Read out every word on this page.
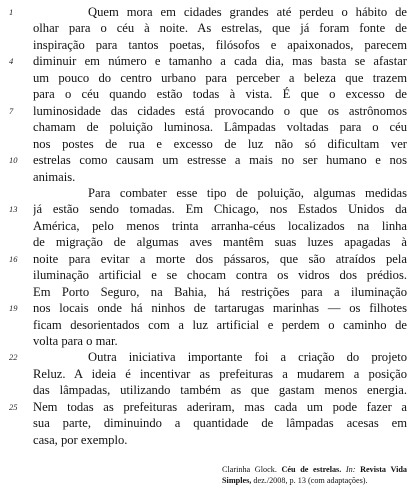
Quem mora em cidades grandes até perdeu o hábito de
olhar para o céu à noite. As estrelas, que já foram fonte de
inspiração para tantos poetas, filósofos e apaixonados, parecem
diminuir em número e tamanho a cada dia, mas basta se afastar
um pouco do centro urbano para perceber a beleza que trazem
para o céu quando estão todas à vista. É que o excesso de
luminosidade das cidades está provocando o que os astrônomos
chamam de poluição luminosa. Lâmpadas voltadas para o céu
nos postes de rua e excesso de luz não só dificultam ver
estrelas como causam um estresse a mais no ser humano e nos
animais.
Para combater esse tipo de poluição, algumas medidas
já estão sendo tomadas. Em Chicago, nos Estados Unidos da
América, pelo menos trinta arranha-céus localizados na linha
de migração de algumas aves mantêm suas luzes apagadas à
noite para evitar a morte dos pássaros, que são atraídos pela
iluminação artificial e se chocam contra os vidros dos prédios.
Em Porto Seguro, na Bahia, há restrições para a iluminação
nos locais onde há ninhos de tartarugas marinhas — os filhotes
ficam desorientados com a luz artificial e perdem o caminho de
volta para o mar.
Outra iniciativa importante foi a criação do projeto
Reluz. A ideia é incentivar as prefeituras a mudarem a posição
das lâmpadas, utilizando também as que gastam menos energia.
Nem todas as prefeituras aderiram, mas cada um pode fazer a
sua parte, diminuindo a quantidade de lâmpadas acesas em
casa, por exemplo.
1
4
7
10
13
16
19
22
25
Clarinha Glock. Céu de estrelas. In: Revista Vida Simples, dez./2008, p. 13 (com adaptações).
